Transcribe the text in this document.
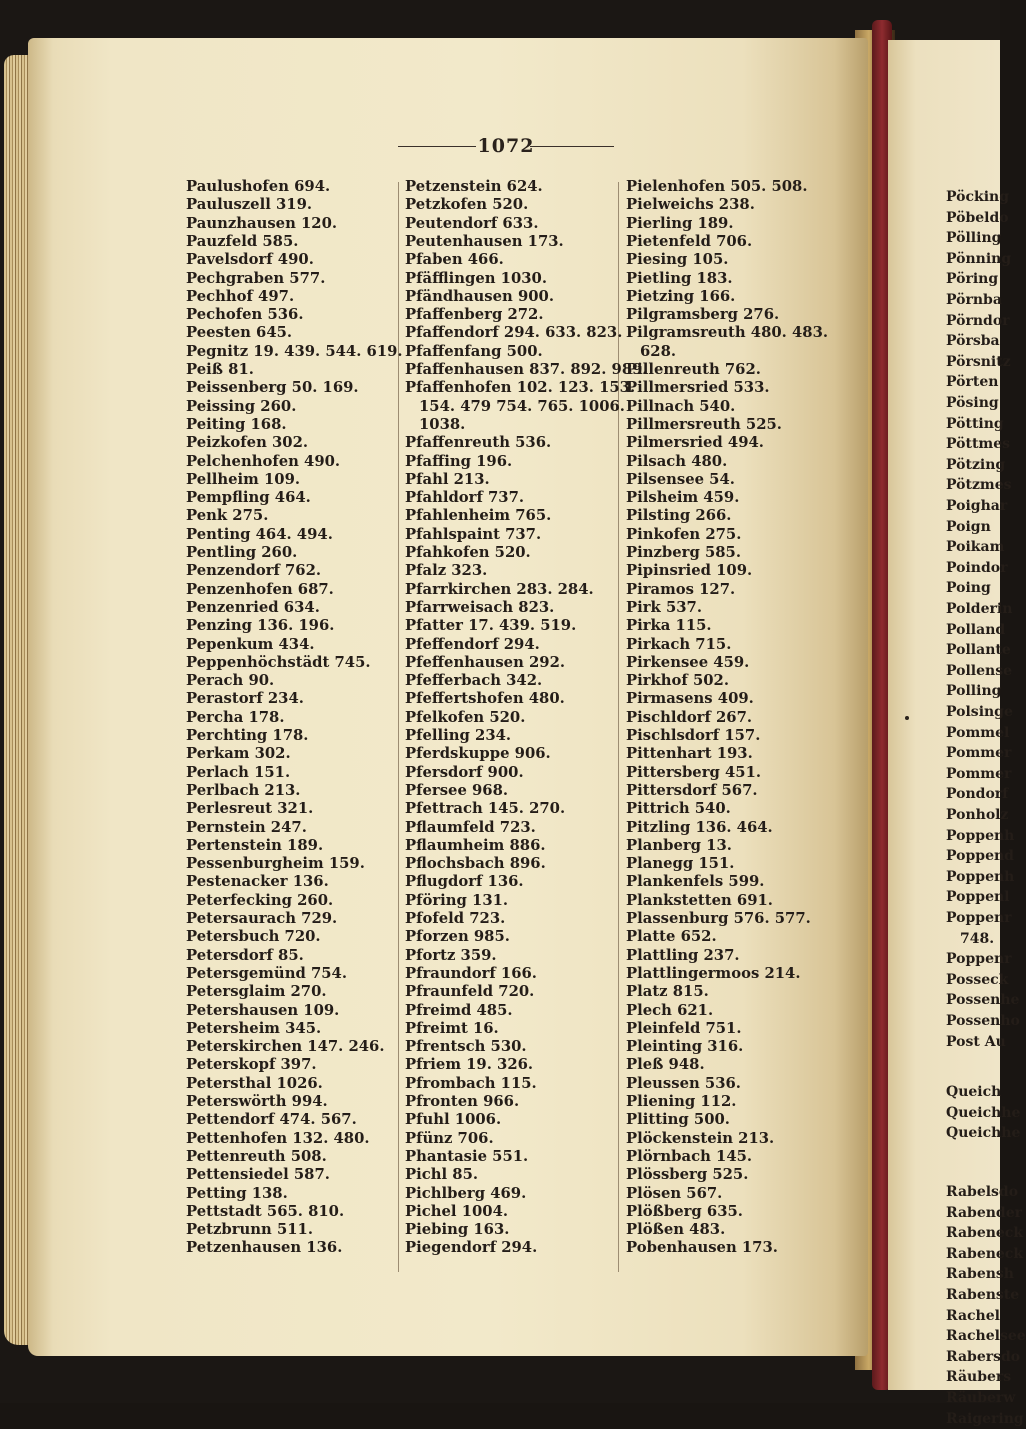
1072
Paulushofen 694.
Pauluszell 319.
Paunzhausen 120.
Pauzfeld 585.
Pavelsdorf 490.
Pechgraben 577.
Pechhof 497.
Pechofen 536.
Peesten 645.
Pegnitz 19. 439. 544. 619.
Peiß 81.
Peissenberg 50. 169.
Peissing 260.
Peiting 168.
Peizkofen 302.
Pelchenhofen 490.
Pellheim 109.
Pempfling 464.
Penk 275.
Penting 464. 494.
Pentling 260.
Penzendorf 762.
Penzenhofen 687.
Penzenried 634.
Penzing 136. 196.
Pepenkum 434.
Peppenhöchstädt 745.
Perach 90.
Perastorf 234.
Percha 178.
Perchting 178.
Perkam 302.
Perlach 151.
Perlbach 213.
Perlesreut 321.
Pernstein 247.
Pertenstein 189.
Pessenburgheim 159.
Pestenacker 136.
Peterfecking 260.
Petersaurach 729.
Petersbuch 720.
Petersdorf 85.
Petersgemünd 754.
Petersglaim 270.
Petershausen 109.
Petersheim 345.
Peterskirchen 147. 246.
Peterskopf 397.
Petersthal 1026.
Peterswörth 994.
Pettendorf 474. 567.
Pettenhofen 132. 480.
Pettenreuth 508.
Pettensiedel 587.
Petting 138.
Pettstadt 565. 810.
Petzbrunn 511.
Petzenhausen 136.
Petzenstein 624.
Petzkofen 520.
Peutendorf 633.
Peutenhausen 173.
Pfaben 466.
Pfäfflingen 1030.
Pfändhausen 900.
Pfaffenberg 272.
Pfaffendorf 294. 633. 823.
Pfaffenfang 500.
Pfaffenhausen 837. 892. 989.
Pfaffenhofen 102. 123. 153.
154. 479 754. 765. 1006.
1038.
Pfaffenreuth 536.
Pfaffing 196.
Pfahl 213.
Pfahldorf 737.
Pfahlenheim 765.
Pfahlspaint 737.
Pfahkofen 520.
Pfalz 323.
Pfarrkirchen 283. 284.
Pfarrweisach 823.
Pfatter 17. 439. 519.
Pfeffendorf 294.
Pfeffenhausen 292.
Pfefferbach 342.
Pfeffertshofen 480.
Pfelkofen 520.
Pfelling 234.
Pferdskuppe 906.
Pfersdorf 900.
Pfersee 968.
Pfettrach 145. 270.
Pflaumfeld 723.
Pflaumheim 886.
Pflochsbach 896.
Pflugdorf 136.
Pföring 131.
Pfofeld 723.
Pforzen 985.
Pfortz 359.
Pfraundorf 166.
Pfraunfeld 720.
Pfreimd 485.
Pfreimt 16.
Pfrentsch 530.
Pfriem 19. 326.
Pfrombach 115.
Pfronten 966.
Pfuhl 1006.
Pfünz 706.
Phantasie 551.
Pichl 85.
Pichlberg 469.
Pichel 1004.
Piebing 163.
Piegendorf 294.
Pielenhofen 505. 508.
Pielweichs 238.
Pierling 189.
Pietenfeld 706.
Piesing 105.
Pietling 183.
Pietzing 166.
Pilgramsberg 276.
Pilgramsreuth 480. 483.
628.
Pillenreuth 762.
Pillmersried 533.
Pillnach 540.
Pillmersreuth 525.
Pilmersried 494.
Pilsach 480.
Pilsensee 54.
Pilsheim 459.
Pilsting 266.
Pinkofen 275.
Pinzberg 585.
Pipinsried 109.
Piramos 127.
Pirk 537.
Pirka 115.
Pirkach 715.
Pirkensee 459.
Pirkhof 502.
Pirmasens 409.
Pischldorf 267.
Pischlsdorf 157.
Pittenhart 193.
Pittersberg 451.
Pittersdorf 567.
Pittrich 540.
Pitzling 136. 464.
Planberg 13.
Planegg 151.
Plankenfels 599.
Plankstetten 691.
Plassenburg 576. 577.
Platte 652.
Plattling 237.
Plattlingermoos 214.
Platz 815.
Plech 621.
Pleinfeld 751.
Pleinting 316.
Pleß 948.
Pleussen 536.
Pliening 112.
Plitting 500.
Plöckenstein 213.
Plörnbach 145.
Plössberg 525.
Plösen 567.
Plößberg 635.
Plößen 483.
Pobenhausen 173.
Pöcking
Pöbeldo
Pölling
Pönning
Pöring
Pörnba
Pörndor
Pörsba
Pörsnitz
Pörten
Pösing
Pötting
Pöttmes
Pötzing
Pötzmes
Poighar
Poign
Poikam
Poindor
Poing
Polderin
Polland
Pollante
Pollense
Polling
Polsinge
Pommel
Pommer
Pommer
Pondorf
Ponholz
Poppenh
Poppend
Poppenh
Poppenl
Poppenr
748.
Poppenr
Posseck
Possenhe
Possenho
Post Au
Queich
Queichhe
Queichhe
Rabelsdo
Rabender
Rabeneck
Rabeneck
Rabensh
Rabenste
Rachel
Rachelsee
Rabersdo
Räubers
Räuberw
Raigering
